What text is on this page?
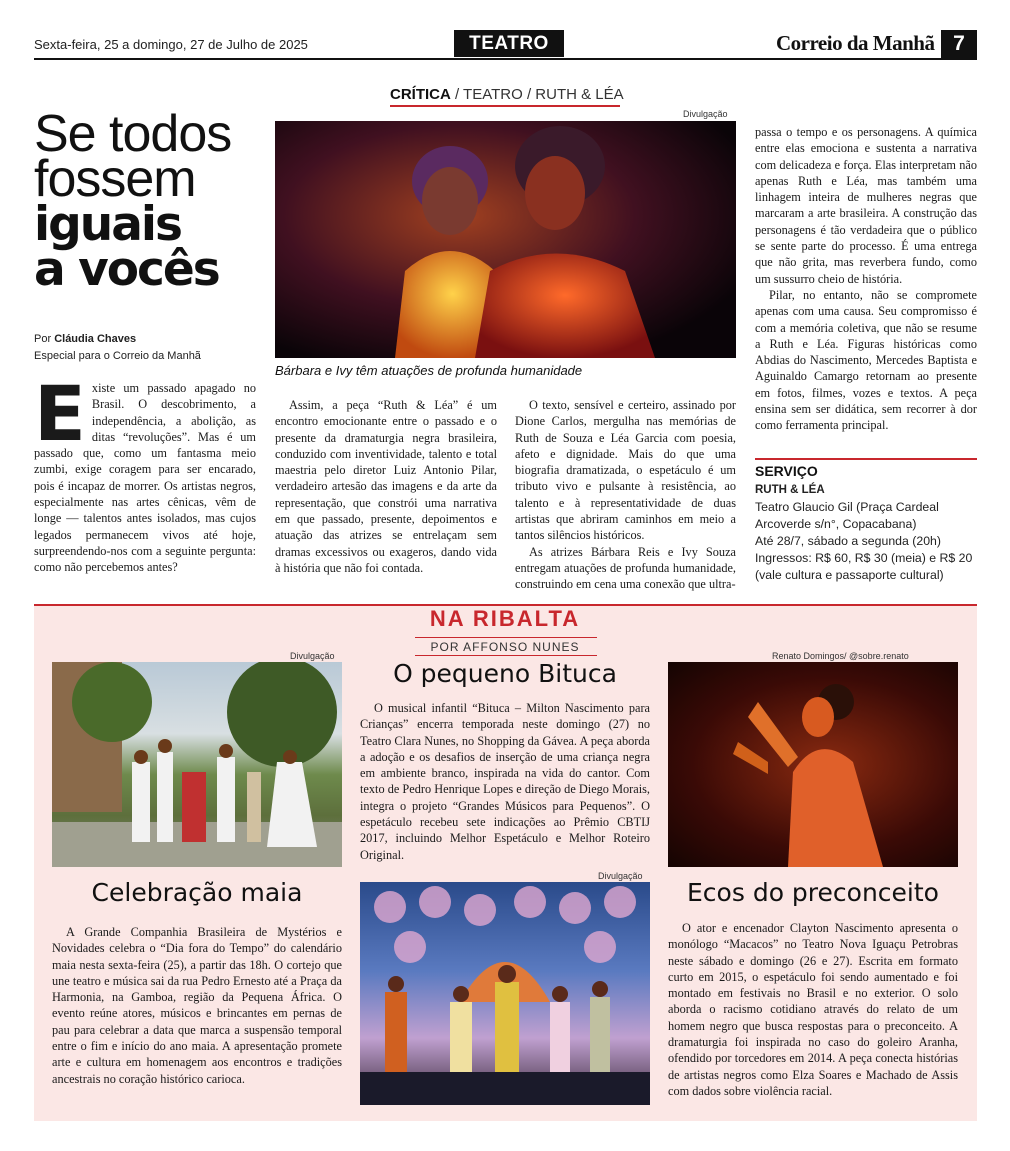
Sexta-feira, 25 a domingo, 27 de Julho de 2025	TEATRO	Correio da Manhã 7
CRÍTICA / TEATRO / RUTH & LÉA
Se todos
fossem
iguais
a vocês
Por Cláudia Chaves
Especial para o Correio da Manhã
Divulgação
Bárbara e Ivy têm atuações de profunda humanidade

Existe um passado apagado no Brasil. O descobrimento, a independência, a abolição, as ditas “revoluções”. Mas é um passado que, como um fantasma meio zumbi, exige coragem para ser encarado, pois é incapaz de morrer. Os artistas negros, especialmente nas artes cênicas, vêm de longe — talentos antes isolados, mas cujos legados permanecem vivos até hoje, surpreendendo-nos com a seguinte pergunta: como não percebemos antes?

Assim, a peça “Ruth & Léa” é um encontro emocionante entre o passado e o presente da dramaturgia negra brasileira, conduzido com inventividade, talento e total maestria pelo diretor Luiz Antonio Pilar, verdadeiro artesão das imagens e da arte da representação, que constrói uma narrativa em que passado, presente, depoimentos e atuação das atrizes se entrelaçam sem dramas excessivos ou exageros, dando vida à história que não foi contada.

O texto, sensível e certeiro, assinado por Dione Carlos, mergulha nas memórias de Ruth de Souza e Léa Garcia com poesia, afeto e dignidade. Mais do que uma biografia dramatizada, o espetáculo é um tributo vivo e pulsante à resistência, ao talento e à representatividade de duas artistas que abriram caminhos em meio a tantos silêncios históricos.

As atrizes Bárbara Reis e Ivy Souza entregam atuações de profunda humanidade, construindo em cena uma conexão que ultra-

passa o tempo e os personagens. A química entre elas emociona e sustenta a narrativa com delicadeza e força. Elas interpretam não apenas Ruth e Léa, mas também uma linhagem inteira de mulheres negras que marcaram a arte brasileira. A construção das personagens é tão verdadeira que o público se sente parte do processo. É uma entrega que não grita, mas reverbera fundo, como um sussurro cheio de história.

Pilar, no entanto, não se compromete apenas com uma causa. Seu compromisso é com a memória coletiva, que não se resume a Ruth e Léa. Figuras históricas como Abdias do Nascimento, Mercedes Baptista e Aguinaldo Camargo retornam ao presente em fotos, filmes, vozes e textos. A peça ensina sem ser didática, sem recorrer à dor como ferramenta principal.

SERVIÇO
RUTH & LÉA
Teatro Glaucio Gil (Praça Cardeal Arcoverde s/n°, Copacabana)
Até 28/7, sábado a segunda (20h)
Ingressos: R$ 60, R$ 30 (meia) e R$ 20 (vale cultura e passaporte cultural)
NA RIBALTA
POR AFFONSO NUNES
Divulgação
Celebração maia

A Grande Companhia Brasileira de Mystérios e Novidades celebra o “Dia fora do Tempo” do calendário maia nesta sexta-feira (25), a partir das 18h. O cortejo que une teatro e música sai da rua Pedro Ernesto até a Praça da Harmonia, na Gamboa, região da Pequena África. O evento reúne atores, músicos e brincantes em pernas de pau para celebrar a data que marca a suspensão temporal entre o fim e início do ano maia. A apresentação promete arte e cultura em homenagem aos encontros e tradições ancestrais no coração histórico carioca.

O pequeno Bituca

O musical infantil “Bituca – Milton Nascimento para Crianças” encerra temporada neste domingo (27) no Teatro Clara Nunes, no Shopping da Gávea. A peça aborda a adoção e os desafios de inserção de uma criança negra em ambiente branco, inspirada na vida do cantor. Com texto de Pedro Henrique Lopes e direção de Diego Morais, integra o projeto “Grandes Músicos para Pequenos”. O espetáculo recebeu sete indicações ao Prêmio CBTIJ 2017, incluindo Melhor Espetáculo e Melhor Roteiro Original.

Divulgação
Renato Domingos/ @sobre.renato
Ecos do preconceito

O ator e encenador Clayton Nascimento apresenta o monólogo “Macacos” no Teatro Nova Iguaçu Petrobras neste sábado e domingo (26 e 27). Escrita em formato curto em 2015, o espetáculo foi sendo aumentado e foi montado em festivais no Brasil e no exterior. O solo aborda o racismo cotidiano através do relato de um homem negro que busca respostas para o preconceito. A dramaturgia foi inspirada no caso do goleiro Aranha, ofendido por torcedores em 2014. A peça conecta histórias de artistas negros como Elza Soares e Machado de Assis com dados sobre violência racial.
